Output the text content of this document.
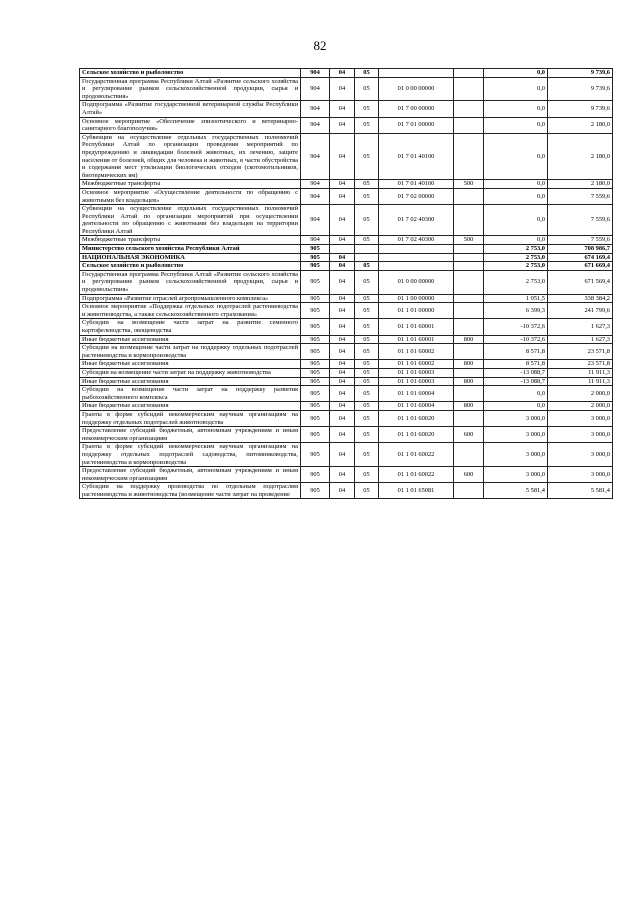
82
Сельское хозяйство и рыболовство	904	04	05			0,0	9 739,6
Государственная программа Республики Алтай «Развитие сельского хозяйства и регулирование рынков сельскохозяйственной продукции, сырья и продовольствия»	904	04	05	01 0 00 00000		0,0	9 739,6
Подпрограмма «Развитие государственной ветеринарной службы Республики Алтай»	904	04	05	01 7 00 00000		0,0	9 739,6
Основное мероприятие «Обеспечение эпизоотического и ветеринарно-санитарного благополучия»	904	04	05	01 7 01 00000		0,0	2 180,0
Субвенции на осуществление отдельных государственных полномочий Республики Алтай по организации проведения мероприятий по предупреждению и ликвидации болезней животных, их лечению, защите населения от болезней, общих для человека и животных, в части обустройства и содержания мест утилизации биологических отходов (скотомогильников, биотермических ям)	904	04	05	01 7 01 40100		0,0	2 180,0
Межбюджетные трансферты	904	04	05	01 7 01 40100	500	0,0	2 180,0
Основное мероприятие «Осуществление деятельности по обращению с животными без владельцев»	904	04	05	01 7 02 00000		0,0	7 559,6
Субвенции на осуществление отдельных государственных полномочий Республики Алтай по организации мероприятий при осуществлении деятельности по обращению с животными без владельцев на территории Республики Алтай	904	04	05	01 7 02 40300		0,0	7 559,6
Межбюджетные трансферты	904	04	05	01 7 02 40300	500	0,0	7 559,6
Министерство сельского хозяйства Республики Алтай	905					2 753,0	708 986,7
НАЦИОНАЛЬНАЯ ЭКОНОМИКА	905	04				2 753,0	674 169,4
Сельское хозяйство и рыболовство	905	04	05			2 753,0	671 669,4
Государственная программа Республики Алтай «Развитие сельского хозяйства и регулирование рынков сельскохозяйственной продукции, сырья и продовольствия»	905	04	05	01 0 00 00000		2 753,0	671 569,4
Подпрограмма «Развитие отраслей агропромышленного комплекса»	905	04	05	01 1 00 00000		1 051,5	338 384,2
Основное мероприятие «Поддержка отдельных подотраслей растениеводства и животноводства, а также сельскохозяйственного страхования»	905	04	05	01 1 01 00000		6 399,3	241 799,6
Субсидии на возмещение части затрат на развитие семенного картофелеводства, овощеводства	905	04	05	01 1 01 60001		-10 372,6	1 627,3
Иные бюджетные ассигнования	905	04	05	01 1 01 60001	800	-10 372,6	1 627,3
Субсидии на возмещение части затрат на поддержку отдельных подотраслей растениеводства и кормопроизводства	905	04	05	01 1 01 60002		8 571,8	23 571,8
Иные бюджетные ассигнования	905	04	05	01 1 01 60002	800	8 571,8	23 571,8
Субсидии на возмещение части затрат на поддержку животноводства	905	04	05	01 1 01 60003		-13 088,7	11 911,3
Иные бюджетные ассигнования	905	04	05	01 1 01 60003	800	-13 088,7	11 911,3
Субсидии на возмещение части затрат на поддержку развития рыбохозяйственного комплекса	905	04	05	01 1 01 60004		0,0	2 000,0
Иные бюджетные ассигнования	905	04	05	01 1 01 60004	800	0,0	2 000,0
Гранты в форме субсидий некоммерческим научным организациям на поддержку отдельных подотраслей животноводства	905	04	05	01 1 01 60020		3 000,0	3 000,0
Предоставление субсидий бюджетным, автономным учреждениям и иным некоммерческим организациям	905	04	05	01 1 01 60020	600	3 000,0	3 000,0
Гранты в форме субсидий некоммерческим научным организациям на поддержку отдельных подотраслей садоводства, питомниководства, растениеводства и кормопроизводства	905	04	05	01 1 01 60022		3 000,0	3 000,0
Предоставление субсидий бюджетным, автономным учреждениям и иным некоммерческим организациям	905	04	05	01 1 01 60022	600	3 000,0	3 000,0
Субсидии на поддержку производства по отдельным подотраслям растениеводства и животноводства (возмещение части затрат на проведение	905	04	05	01 1 01 65081		5 581,4	5 581,4
